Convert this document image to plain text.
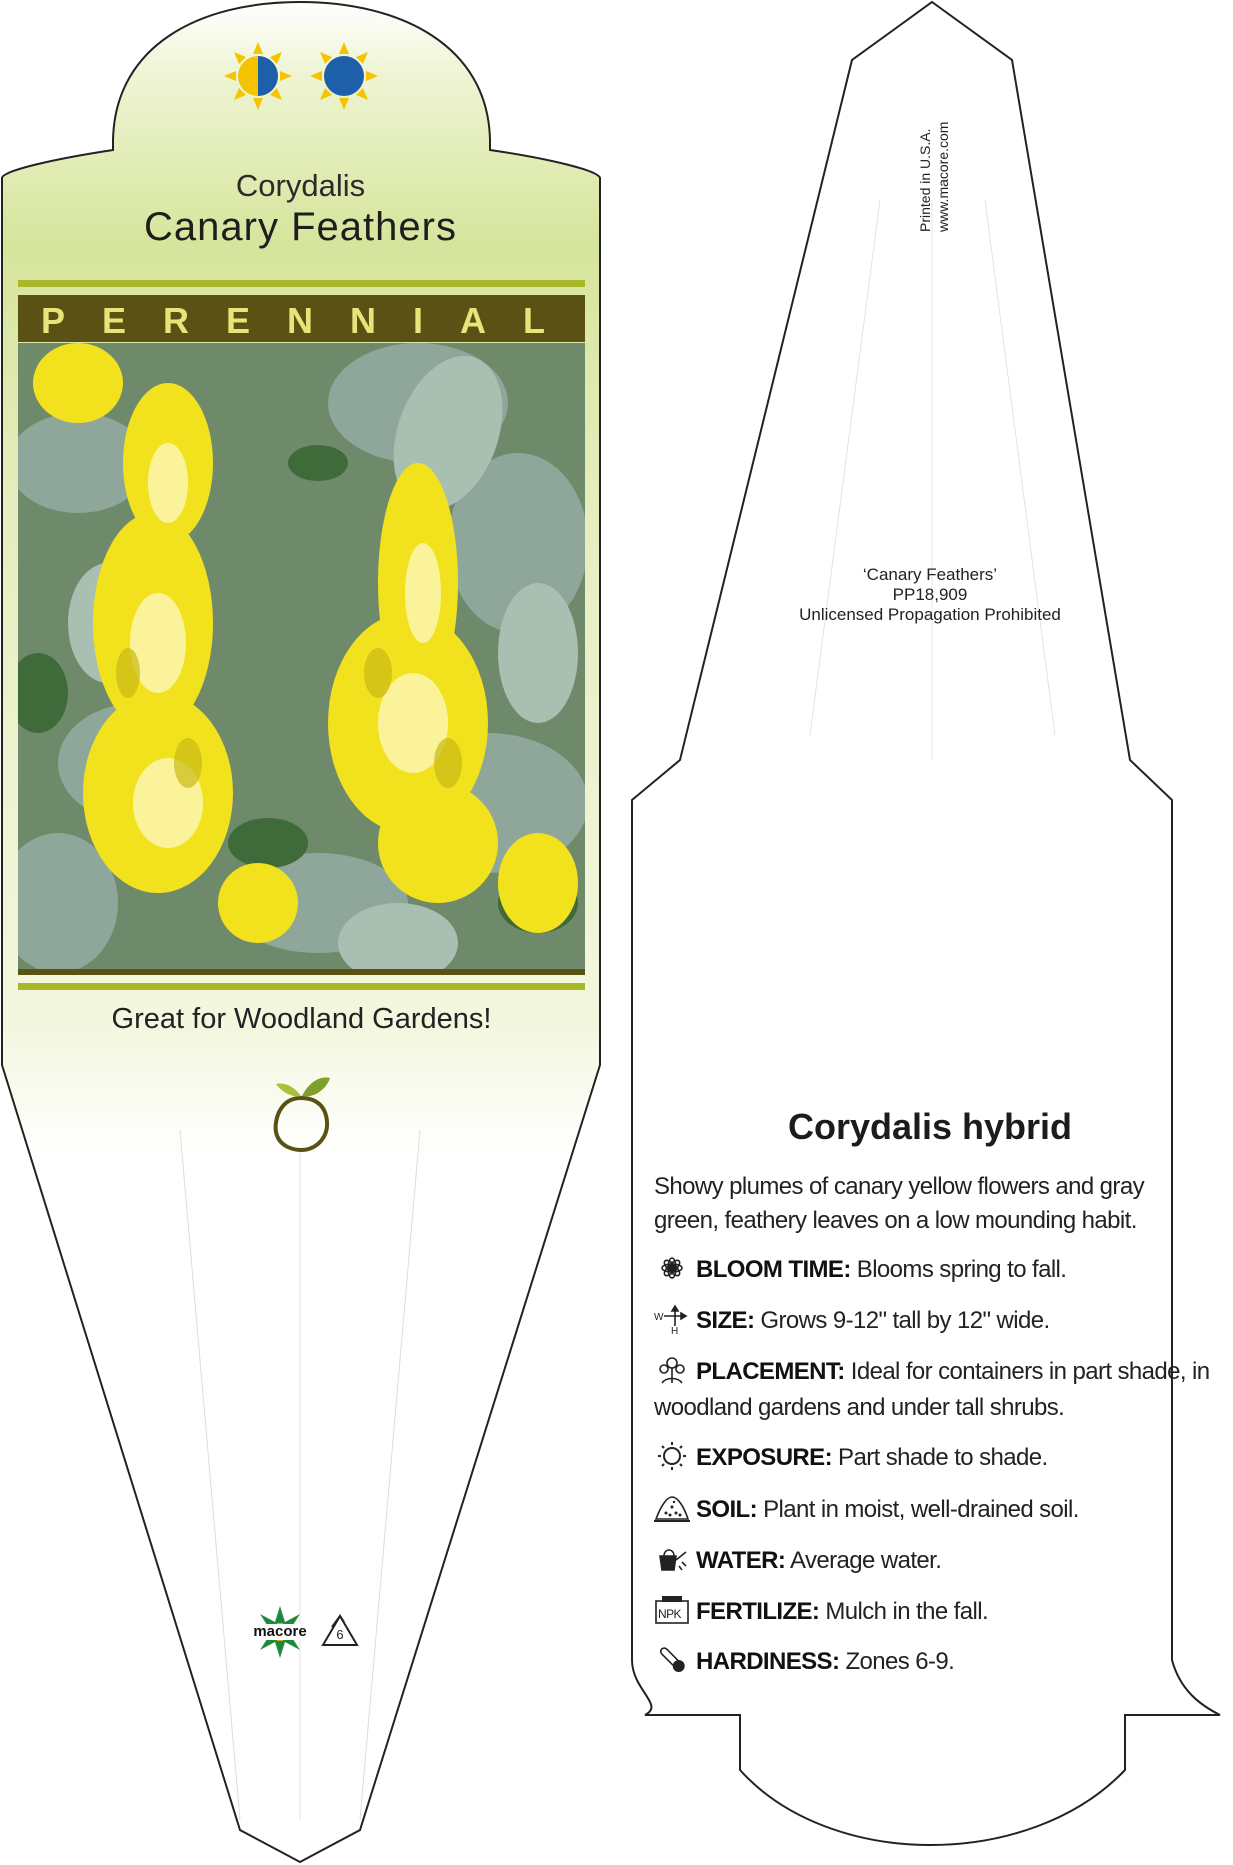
Corydalis
Canary Feathers
PERENNIAL
Great for Woodland Gardens!
macore	6
Printed in U.S.A. www.macore.com
‘Canary Feathers’
PP18,909
Unlicensed Propagation Prohibited
Corydalis hybrid
Showy plumes of canary yellow flowers and gray green, feathery leaves on a low mounding habit.
BLOOM TIME: Blooms spring to fall.
W
H SIZE: Grows 9-12" tall by 12" wide.
PLACEMENT: Ideal for containers in part shade, in woodland gardens and under tall shrubs.
EXPOSURE: Part shade to shade.
SOIL: Plant in moist, well-drained soil.
WATER: Average water.
NPK FERTILIZE: Mulch in the fall.
HARDINESS: Zones 6-9.
